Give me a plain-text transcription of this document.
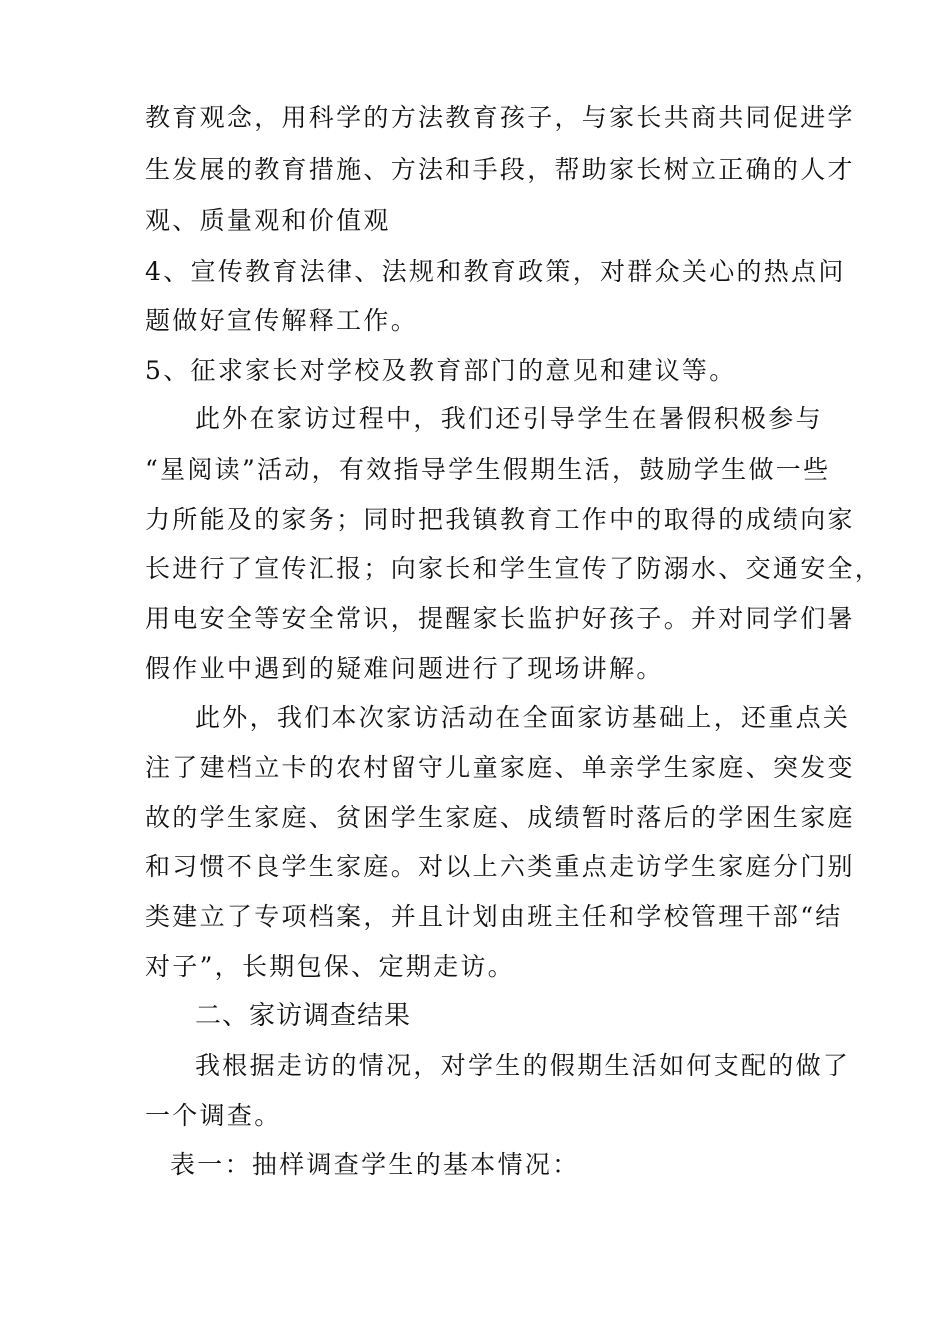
教育观念，用科学的方法教育孩子，与家长共商共同促进学
生发展的教育措施、方法和手段，帮助家长树立正确的人才
观、质量观和价值观
4、宣传教育法律、法规和教育政策，对群众关心的热点问
题做好宣传解释工作。
5、征求家长对学校及教育部门的意见和建议等。
此外在家访过程中，我们还引导学生在暑假积极参与
“星阅读”活动，有效指导学生假期生活，鼓励学生做一些
力所能及的家务；同时把我镇教育工作中的取得的成绩向家
长进行了宣传汇报；向家长和学生宣传了防溺水、交通安全，
用电安全等安全常识，提醒家长监护好孩子。并对同学们暑
假作业中遇到的疑难问题进行了现场讲解。
此外，我们本次家访活动在全面家访基础上，还重点关
注了建档立卡的农村留守儿童家庭、单亲学生家庭、突发变
故的学生家庭、贫困学生家庭、成绩暂时落后的学困生家庭
和习惯不良学生家庭。对以上六类重点走访学生家庭分门别
类建立了专项档案，并且计划由班主任和学校管理干部“结
对子”，长期包保、定期走访。
二、家访调查结果
我根据走访的情况，对学生的假期生活如何支配的做了
一个调查。
表一：抽样调查学生的基本情况：
